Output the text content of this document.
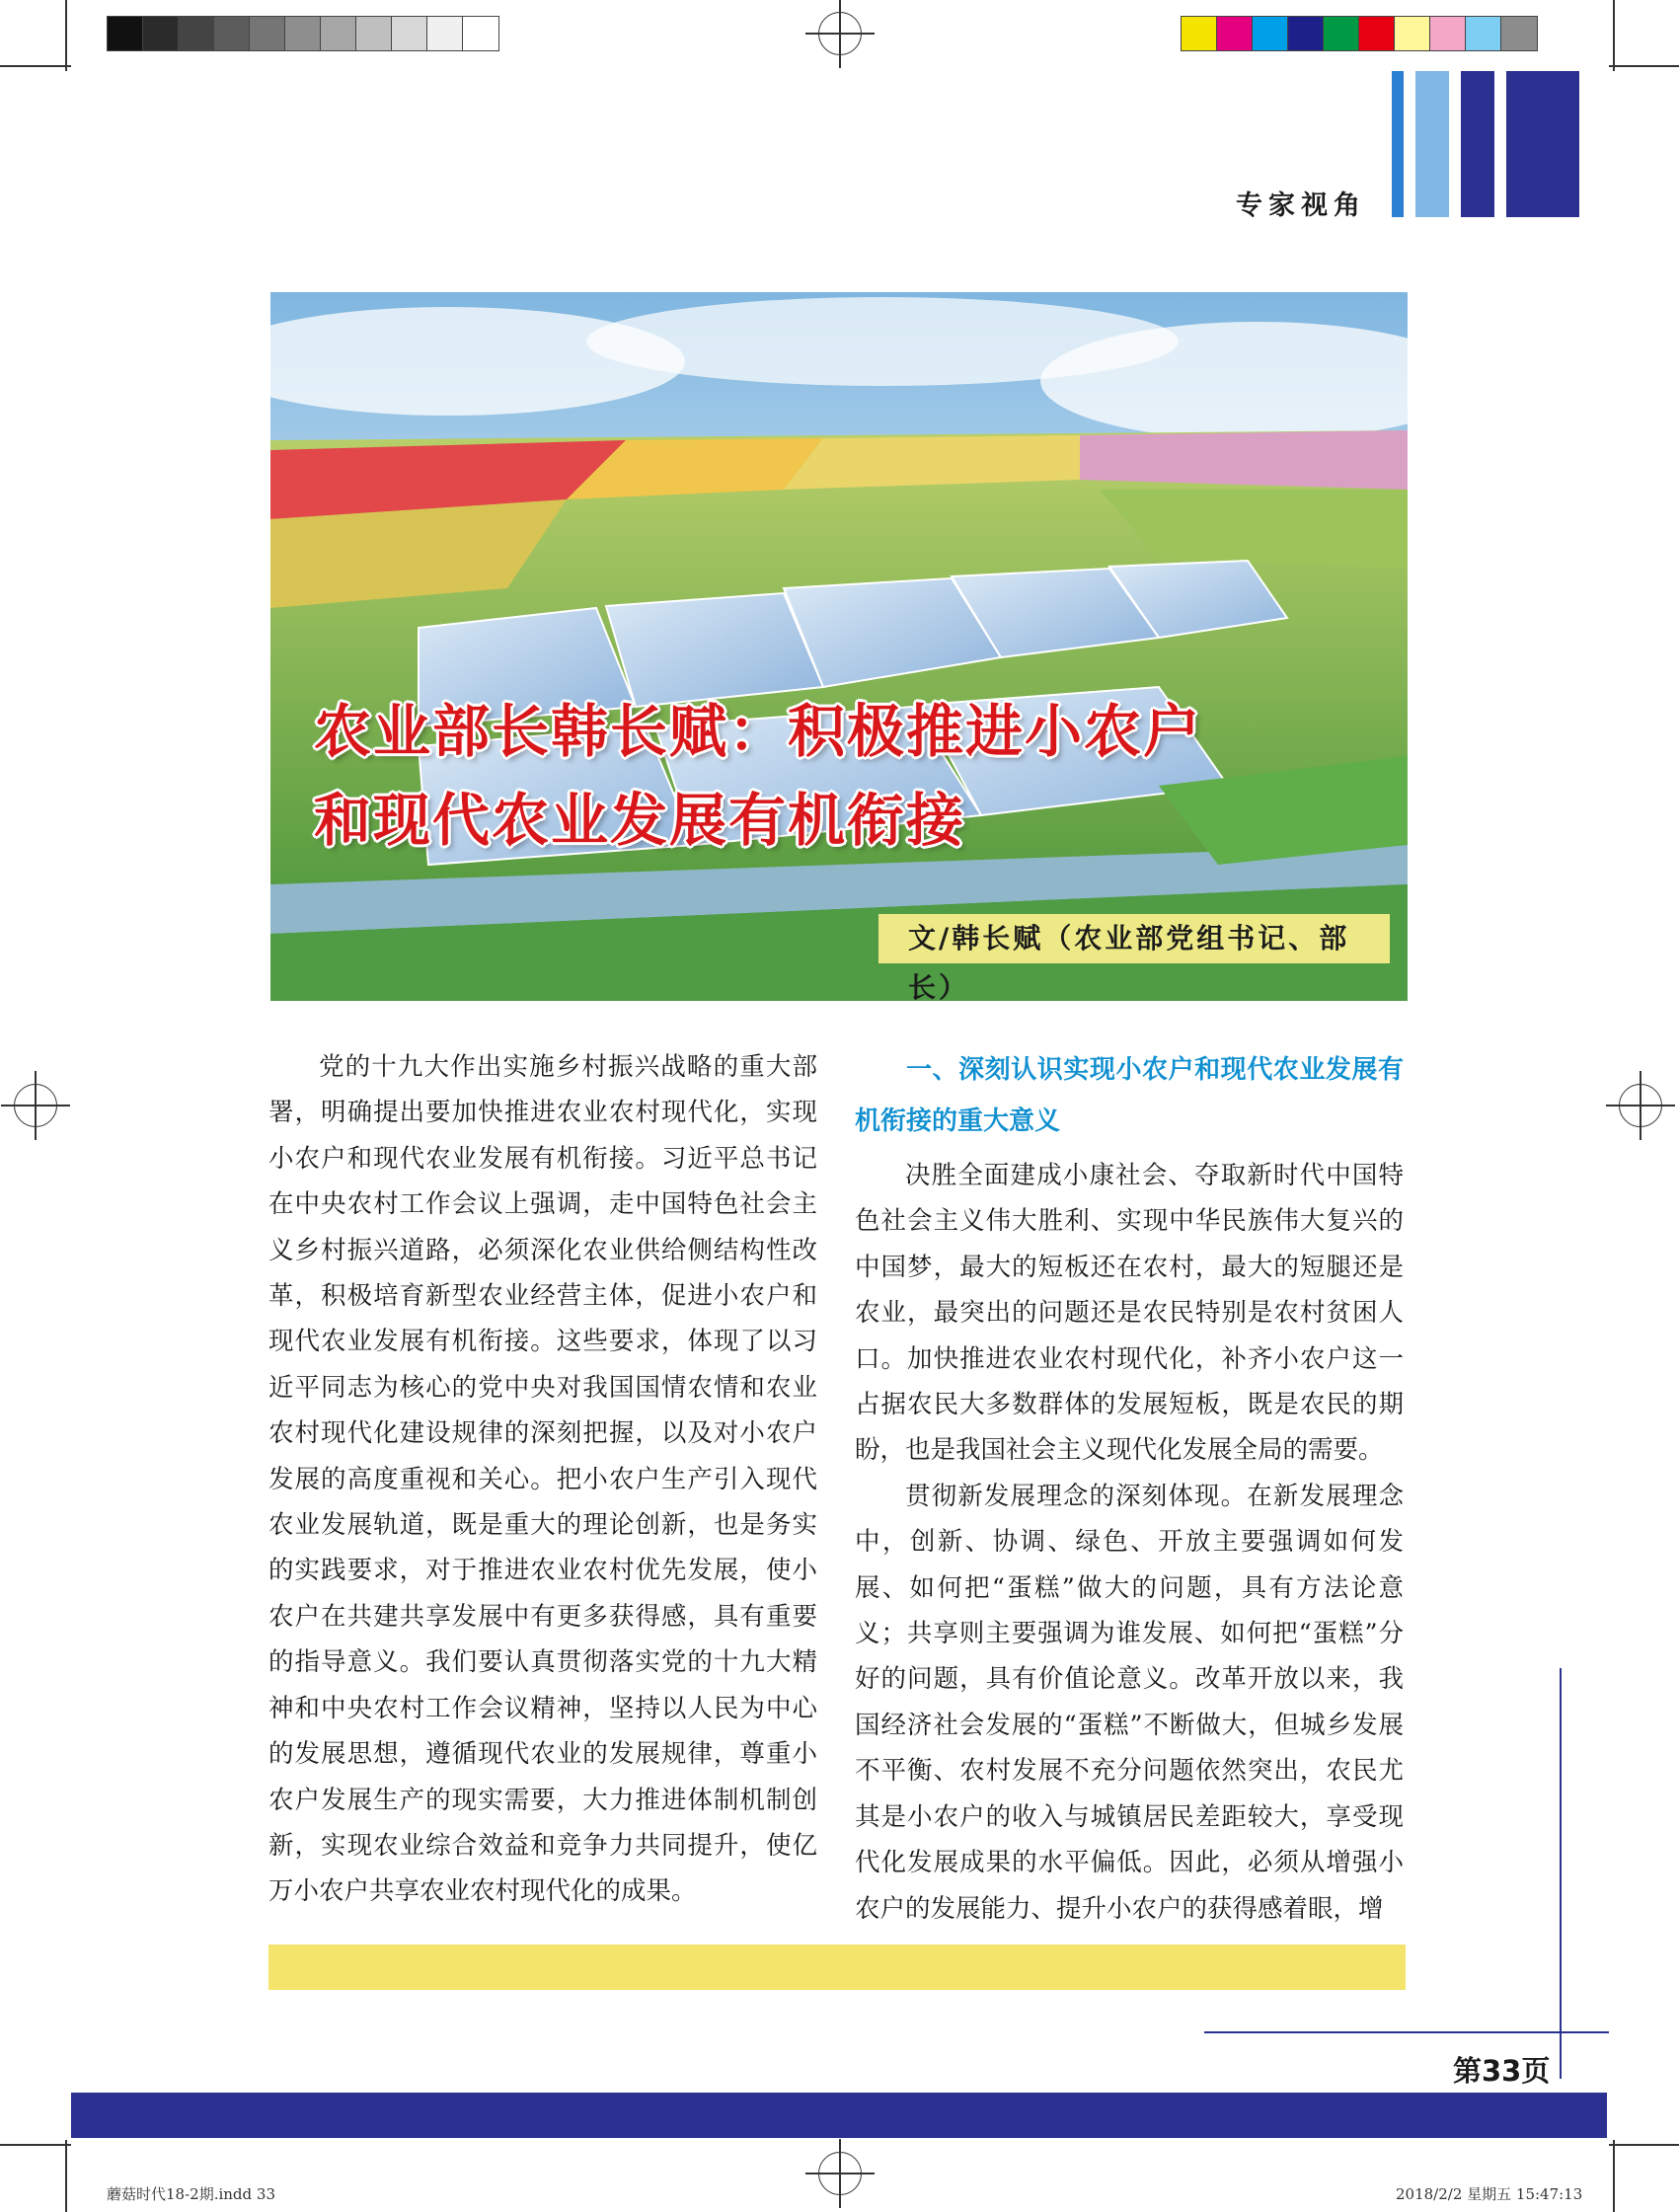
专家视角
农业部长韩长赋：积极推进小农户
和现代农业发展有机衔接
文/韩长赋（农业部党组书记、部长）

党的十九大作出实施乡村振兴战略的重大部署，明确提出要加快推进农业农村现代化，实现小农户和现代农业发展有机衔接。习近平总书记在中央农村工作会议上强调，走中国特色社会主义乡村振兴道路，必须深化农业供给侧结构性改革，积极培育新型农业经营主体，促进小农户和现代农业发展有机衔接。这些要求，体现了以习近平同志为核心的党中央对我国国情农情和农业农村现代化建设规律的深刻把握，以及对小农户发展的高度重视和关心。把小农户生产引入现代农业发展轨道，既是重大的理论创新，也是务实的实践要求，对于推进农业农村优先发展，使小农户在共建共享发展中有更多获得感，具有重要的指导意义。我们要认真贯彻落实党的十九大精神和中央农村工作会议精神，坚持以人民为中心的发展思想，遵循现代农业的发展规律，尊重小农户发展生产的现实需要，大力推进体制机制创新，实现农业综合效益和竞争力共同提升，使亿万小农户共享农业农村现代化的成果。

一、深刻认识实现小农户和现代农业发展有机衔接的重大意义

决胜全面建成小康社会、夺取新时代中国特色社会主义伟大胜利、实现中华民族伟大复兴的中国梦，最大的短板还在农村，最大的短腿还是农业，最突出的问题还是农民特别是农村贫困人口。加快推进农业农村现代化，补齐小农户这一占据农民大多数群体的发展短板，既是农民的期盼，也是我国社会主义现代化发展全局的需要。

贯彻新发展理念的深刻体现。在新发展理念中，创新、协调、绿色、开放主要强调如何发展、如何把“蛋糕”做大的问题，具有方法论意义；共享则主要强调为谁发展、如何把“蛋糕”分好的问题，具有价值论意义。改革开放以来，我国经济社会发展的“蛋糕”不断做大，但城乡发展不平衡、农村发展不充分问题依然突出，农民尤其是小农户的收入与城镇居民差距较大，享受现代化发展成果的水平偏低。因此，必须从增强小农户的发展能力、提升小农户的获得感着眼，增

第33页
蘑菇时代18-2期.indd 33	2018/2/2 星期五 15:47:13
